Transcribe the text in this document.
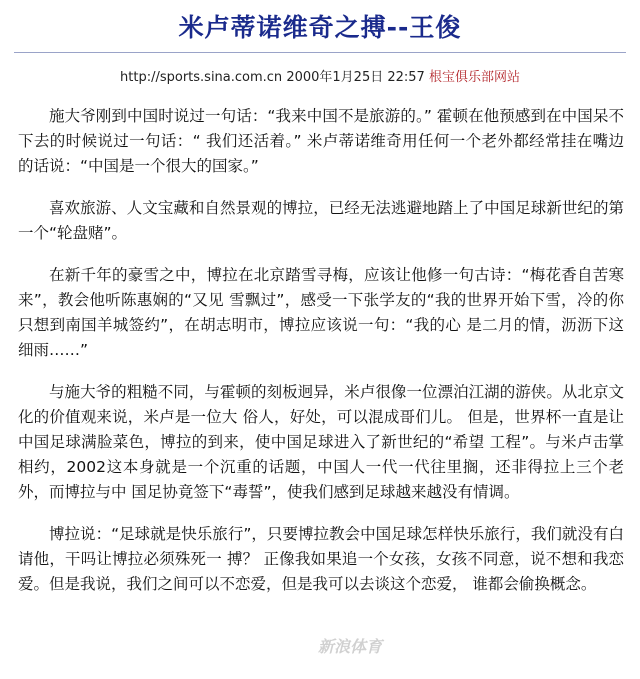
米卢蒂诺维奇之搏--王俊
http://sports.sina.com.cn 2000年1月25日 22:57 根宝俱乐部网站

施大爷刚到中国时说过一句话：“我来中国不是旅游的。” 霍顿在他预感到在中国呆不下去的时候说过一句话：“ 我们还活着。” 米卢蒂诺维奇用任何一个老外都经常挂在嘴边的话说：“中国是一个很大的国家。”

喜欢旅游、人文宝藏和自然景观的博拉，已经无法逃避地踏上了中国足球新世纪的第一个“轮盘赌”。

在新千年的豪雪之中，博拉在北京踏雪寻梅，应该让他修一句古诗：“梅花香自苦寒来”，教会他听陈惠娴的“又见 雪飘过”，感受一下张学友的“我的世界开始下雪，冷的你只想到南国羊城签约”，在胡志明市，博拉应该说一句：“我的心 是二月的情，沥沥下这细雨……”

与施大爷的粗糙不同，与霍顿的刻板迥异，米卢很像一位漂泊江湖的游侠。从北京文化的价值观来说，米卢是一位大 俗人，好处，可以混成哥们儿。 但是，世界杯一直是让中国足球满脸菜色，博拉的到来，使中国足球进入了新世纪的“希望 工程”。与米卢击掌相约，2002这本身就是一个沉重的话题，中国人一代一代往里搁，还非得拉上三个老外，而博拉与中 国足协竟签下“毒誓”，使我们感到足球越来越没有情调。

博拉说：“足球就是快乐旅行”，只要博拉教会中国足球怎样快乐旅行，我们就没有白请他，干吗让博拉必须殊死一 搏？ 正像我如果追一个女孩，女孩不同意，说不想和我恋爱。但是我说，我们之间可以不恋爱，但是我可以去谈这个恋爱， 谁都会偷换概念。

新浪体育
